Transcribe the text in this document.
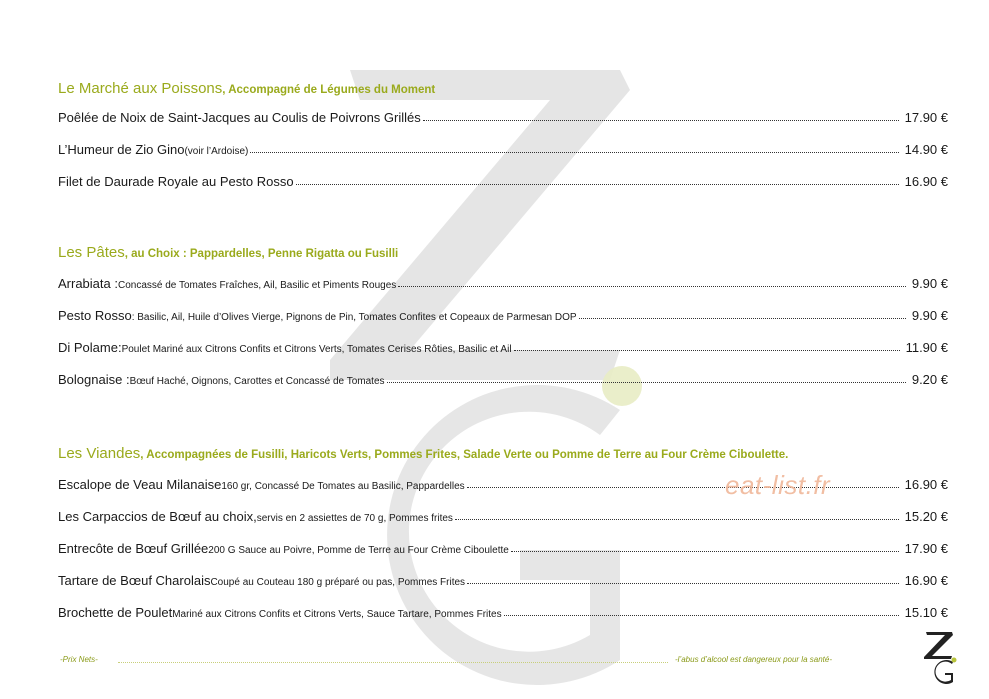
Le Marché aux Poissons, Accompagné de Légumes du Moment
Poêlée de Noix de Saint-Jacques au Coulis de Poivrons Grillés	17.90 €
L’Humeur de Zio Gino (voir l’Ardoise)	14.90 €
Filet de Daurade Royale au Pesto Rosso	16.90 €
Les Pâtes, au Choix : Pappardelles, Penne Rigatta ou Fusilli
Arrabiata : Concassé de Tomates Fraîches, Ail, Basilic et Piments Rouges	9.90 €
Pesto Rosso : Basilic, Ail, Huile d’Olives Vierge, Pignons de Pin, Tomates Confites et Copeaux de Parmesan DOP	9.90 €
Di Polame: Poulet Mariné aux Citrons Confits et Citrons Verts, Tomates Cerises Rôties, Basilic et Ail	11.90 €
Bolognaise : Bœuf Haché, Oignons, Carottes et Concassé de Tomates	9.20 €
Les Viandes, Accompagnées de Fusilli, Haricots Verts, Pommes Frites, Salade Verte ou Pomme de Terre au Four Crème Ciboulette.
Escalope de Veau Milanaise 160 gr, Concassé De Tomates au Basilic, Pappardelles	16.90 €
Les Carpaccios de Bœuf au choix, servis en 2 assiettes de 70 g, Pommes frites	15.20 €
Entrecôte de Bœuf Grillée 200 G Sauce au Poivre, Pomme de Terre au Four Crème Ciboulette	17.90 €
Tartare de Bœuf Charolais Coupé au Couteau 180 g préparé ou pas, Pommes Frites	16.90 €
Brochette de Poulet Mariné aux Citrons Confits et Citrons Verts, Sauce Tartare, Pommes Frites	15.10 €
eat-list.fr
-Prix Nets-	-l’abus d’alcool est dangereux pour la santé-
